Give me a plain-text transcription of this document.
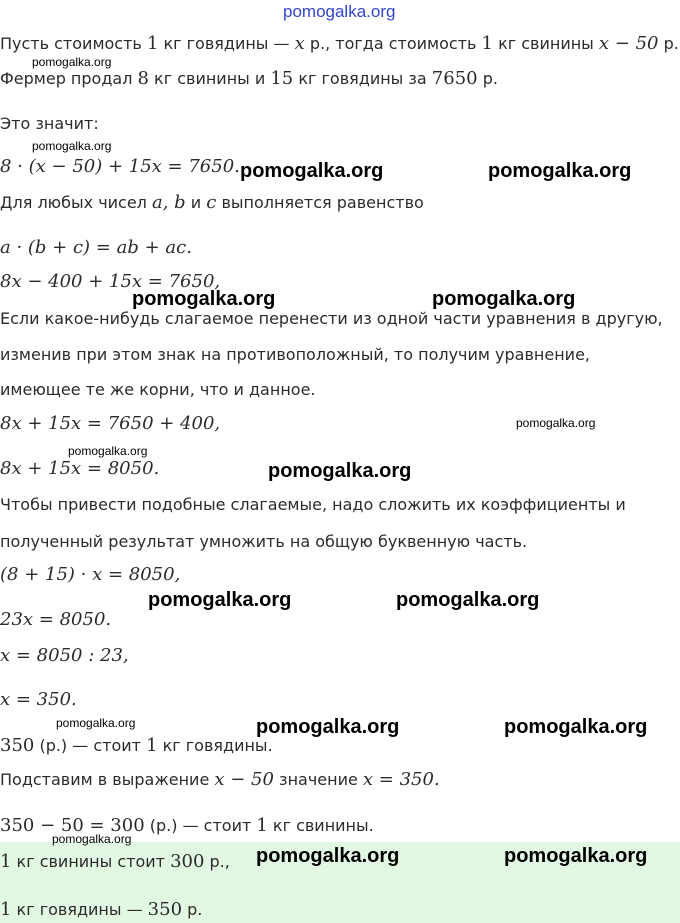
pomogalka.org
Пусть стоимость 1 кг говядины — x р., тогда стоимость 1 кг свинины x − 50 р.
Фермер продал 8 кг свинины и 15 кг говядины за 7650 р.
Это значит:
8 · (x − 50) + 15x = 7650.
Для любых чисел a, b и c выполняется равенство
a · (b + c) = ab + ac.
8x − 400 + 15x = 7650,
Если какое-нибудь слагаемое перенести из одной части уравнения в другую,
изменив при этом знак на противоположный, то получим уравнение,
имеющее те же корни, что и данное.
8x + 15x = 7650 + 400,
8x + 15x = 8050.
Чтобы привести подобные слагаемые, надо сложить их коэффициенты и
полученный результат умножить на общую буквенную часть.
(8 + 15) · x = 8050,
23x = 8050.
x = 8050 : 23,
x = 350.
350 (р.) — стоит 1 кг говядины.
Подставим в выражение x − 50 значение x = 350.
350 − 50 = 300 (р.) — стоит 1 кг свинины.
1 кг свинины стоит 300 р.,
1 кг говядины — 350 р.
pomogalka.org
pomogalka.org
pomogalka.org	pomogalka.org
pomogalka.org	pomogalka.org
pomogalka.org
pomogalka.org
pomogalka.org
pomogalka.org	pomogalka.org
pomogalka.org	pomogalka.org	pomogalka.org
pomogalka.org
pomogalka.org	pomogalka.org
